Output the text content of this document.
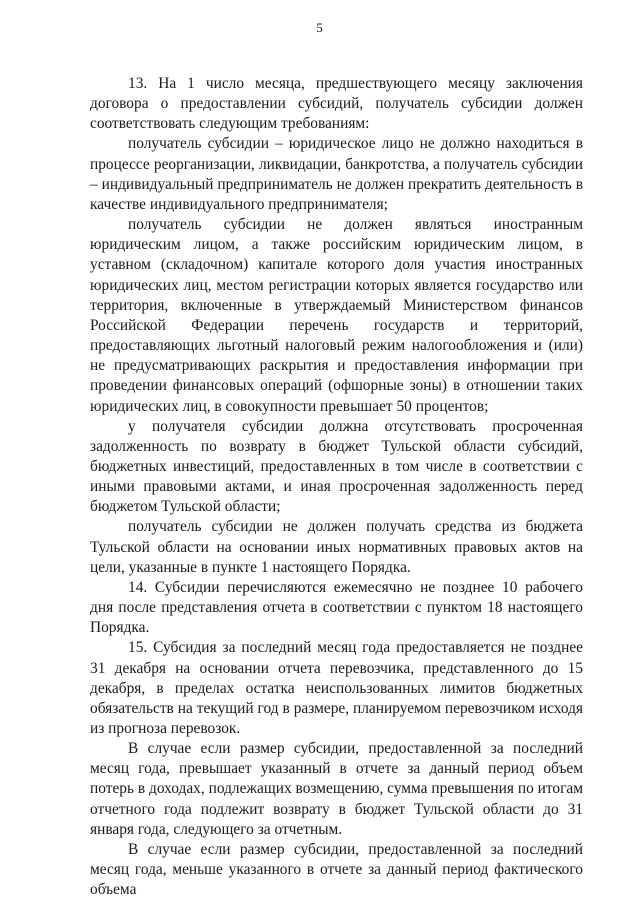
5

13. На 1 число месяца, предшествующего месяцу заключения договора о предоставлении субсидий, получатель субсидии должен соответствовать следующим требованиям:

получатель субсидии – юридическое лицо не должно находиться в процессе реорганизации, ликвидации, банкротства, а получатель субсидии – индивидуальный предприниматель не должен прекратить деятельность в качестве индивидуального предпринимателя;

получатель субсидии не должен являться иностранным юридическим лицом, а также российским юридическим лицом, в уставном (складочном) капитале которого доля участия иностранных юридических лиц, местом регистрации которых является государство или территория, включенные в утверждаемый Министерством финансов Российской Федерации перечень государств и территорий, предоставляющих льготный налоговый режим налогообложения и (или) не предусматривающих раскрытия и предоставления информации при проведении финансовых операций (офшорные зоны) в отношении таких юридических лиц, в совокупности превышает 50 процентов;

у получателя субсидии должна отсутствовать просроченная задолженность по возврату в бюджет Тульской области субсидий, бюджетных инвестиций, предоставленных в том числе в соответствии с иными правовыми актами, и иная просроченная задолженность перед бюджетом Тульской области;

получатель субсидии не должен получать средства из бюджета Тульской области на основании иных нормативных правовых актов на цели, указанные в пункте 1 настоящего Порядка.

14. Субсидии перечисляются ежемесячно не позднее 10 рабочего дня после представления отчета в соответствии с пунктом 18 настоящего Порядка.

15. Субсидия за последний месяц года предоставляется не позднее 31 декабря на основании отчета перевозчика, представленного до 15 декабря, в пределах остатка неиспользованных лимитов бюджетных обязательств на текущий год в размере, планируемом перевозчиком исходя из прогноза перевозок.

В случае если размер субсидии, предоставленной за последний месяц года, превышает указанный в отчете за данный период объем потерь в доходах, подлежащих возмещению, сумма превышения по итогам отчетного года подлежит возврату в бюджет Тульской области до 31 января года, следующего за отчетным.

В случае если размер субсидии, предоставленной за последний месяц года, меньше указанного в отчете за данный период фактического объема
